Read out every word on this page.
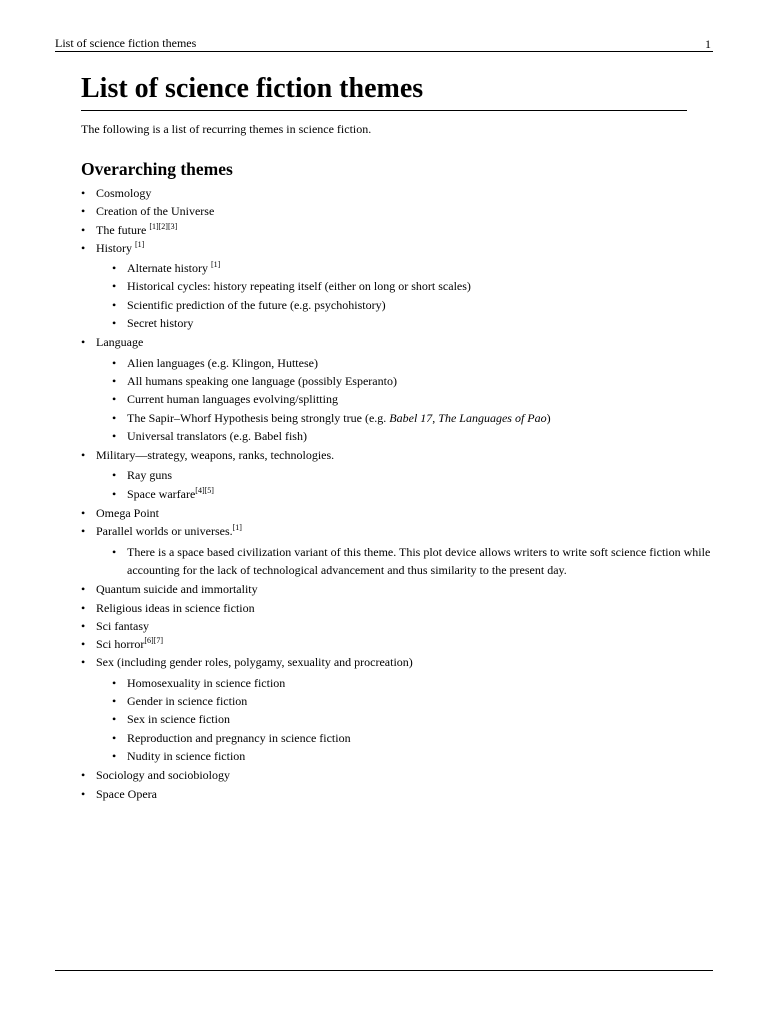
List of science fiction themes	1
List of science fiction themes

The following is a list of recurring themes in science fiction.

Overarching themes
• Cosmology
• Creation of the Universe
• The future [1][2][3]
• History [1]
• Alternate history [1]
• Historical cycles: history repeating itself (either on long or short scales)
• Scientific prediction of the future (e.g. psychohistory)
• Secret history
• Language
• Alien languages (e.g. Klingon, Huttese)
• All humans speaking one language (possibly Esperanto)
• Current human languages evolving/splitting
• The Sapir–Whorf Hypothesis being strongly true (e.g. Babel 17, The Languages of Pao)
• Universal translators (e.g. Babel fish)
• Military—strategy, weapons, ranks, technologies.
• Ray guns
• Space warfare[4][5]
• Omega Point
• Parallel worlds or universes.[1]
• There is a space based civilization variant of this theme. This plot device allows writers to write soft science fiction while accounting for the lack of technological advancement and thus similarity to the present day.
• Quantum suicide and immortality
• Religious ideas in science fiction
• Sci fantasy
• Sci horror[6][7]
• Sex (including gender roles, polygamy, sexuality and procreation)
• Homosexuality in science fiction
• Gender in science fiction
• Sex in science fiction
• Reproduction and pregnancy in science fiction
• Nudity in science fiction
• Sociology and sociobiology
• Space Opera
